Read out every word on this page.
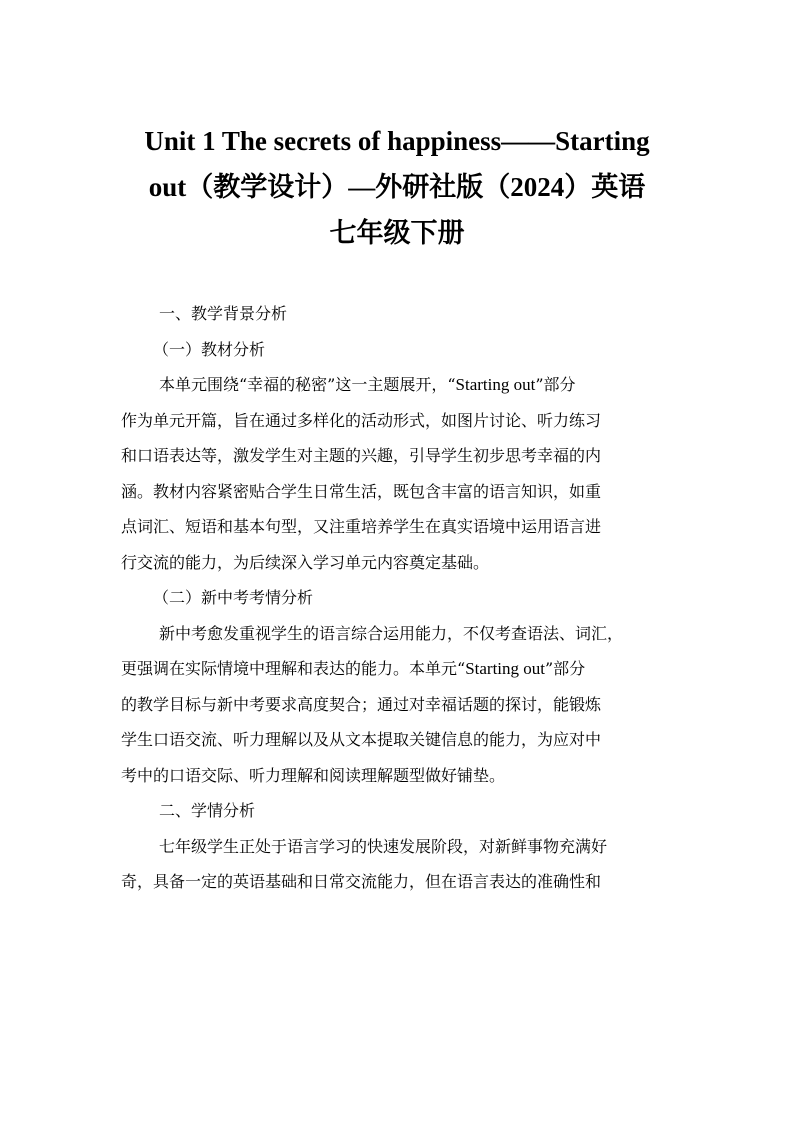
Unit 1 The secrets of happiness——Starting
out（教学设计）—外研社版（2024）英语
七年级下册

一、教学背景分析

（一）教材分析

本单元围绕“幸福的秘密”这一主题展开，“Starting out”部分
作为单元开篇，旨在通过多样化的活动形式，如图片讨论、听力练习
和口语表达等，激发学生对主题的兴趣，引导学生初步思考幸福的内
涵。教材内容紧密贴合学生日常生活，既包含丰富的语言知识，如重
点词汇、短语和基本句型，又注重培养学生在真实语境中运用语言进
行交流的能力，为后续深入学习单元内容奠定基础。

（二）新中考考情分析

新中考愈发重视学生的语言综合运用能力，不仅考查语法、词汇，
更强调在实际情境中理解和表达的能力。本单元“Starting out”部分
的教学目标与新中考要求高度契合；通过对幸福话题的探讨，能锻炼
学生口语交流、听力理解以及从文本提取关键信息的能力，为应对中
考中的口语交际、听力理解和阅读理解题型做好铺垫。

二、学情分析

七年级学生正处于语言学习的快速发展阶段，对新鲜事物充满好
奇，具备一定的英语基础和日常交流能力，但在语言表达的准确性和
